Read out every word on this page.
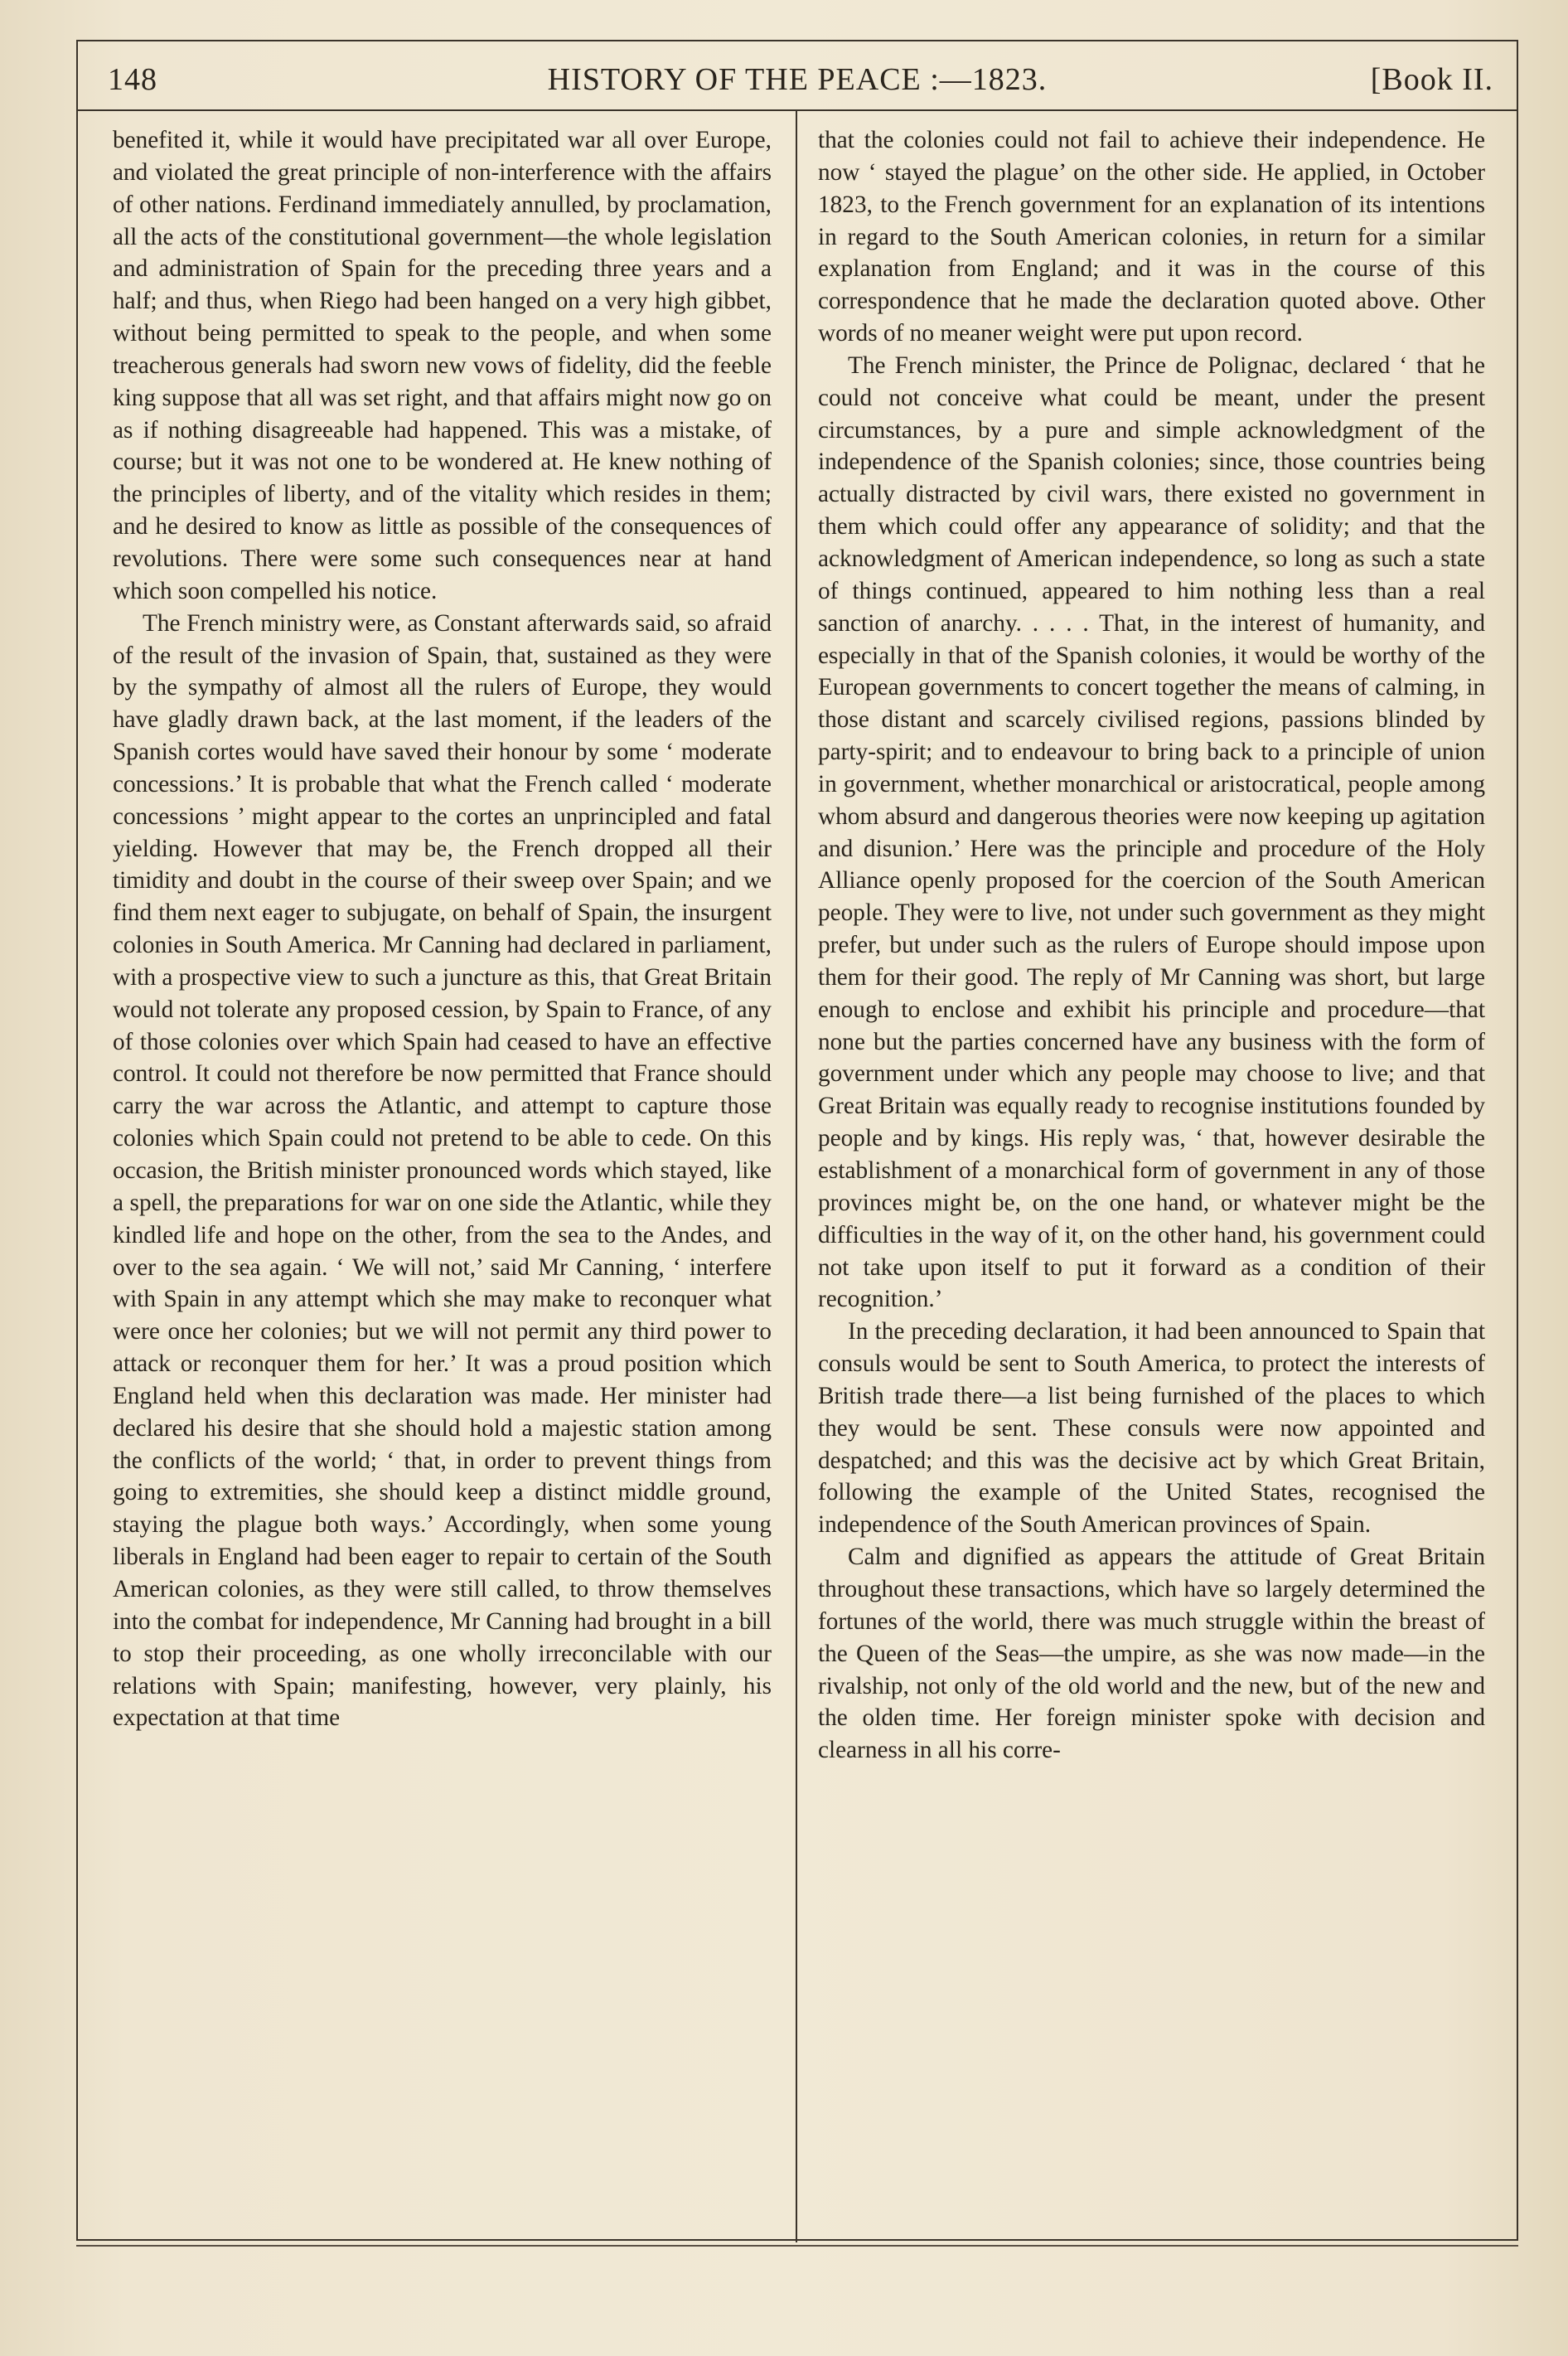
148	HISTORY OF THE PEACE :—1823.	[Book II.

benefited it, while it would have precipitated war all over Europe, and violated the great principle of non-interference with the affairs of other nations. Ferdinand immediately annulled, by proclamation, all the acts of the constitutional government—the whole legislation and administration of Spain for the preceding three years and a half; and thus, when Riego had been hanged on a very high gibbet, without being permitted to speak to the people, and when some treacherous generals had sworn new vows of fidelity, did the feeble king suppose that all was set right, and that affairs might now go on as if nothing disagreeable had happened. This was a mistake, of course; but it was not one to be wondered at. He knew nothing of the principles of liberty, and of the vitality which resides in them; and he desired to know as little as possible of the consequences of revolutions. There were some such consequences near at hand which soon compelled his notice.

The French ministry were, as Constant afterwards said, so afraid of the result of the invasion of Spain, that, sustained as they were by the sympathy of almost all the rulers of Europe, they would have gladly drawn back, at the last moment, if the leaders of the Spanish cortes would have saved their honour by some ‘ moderate concessions.’ It is probable that what the French called ‘ moderate concessions ’ might appear to the cortes an unprincipled and fatal yielding. However that may be, the French dropped all their timidity and doubt in the course of their sweep over Spain; and we find them next eager to subjugate, on behalf of Spain, the insurgent colonies in South America. Mr Canning had declared in parliament, with a prospective view to such a juncture as this, that Great Britain would not tolerate any proposed cession, by Spain to France, of any of those colonies over which Spain had ceased to have an effective control. It could not therefore be now permitted that France should carry the war across the Atlantic, and attempt to capture those colonies which Spain could not pretend to be able to cede. On this occasion, the British minister pronounced words which stayed, like a spell, the preparations for war on one side the Atlantic, while they kindled life and hope on the other, from the sea to the Andes, and over to the sea again. ‘ We will not,’ said Mr Canning, ‘ interfere with Spain in any attempt which she may make to reconquer what were once her colonies; but we will not permit any third power to attack or reconquer them for her.’ It was a proud position which England held when this declaration was made. Her minister had declared his desire that she should hold a majestic station among the conflicts of the world; ‘ that, in order to prevent things from going to extremities, she should keep a distinct middle ground, staying the plague both ways.’ Accordingly, when some young liberals in England had been eager to repair to certain of the South American colonies, as they were still called, to throw themselves into the combat for independence, Mr Canning had brought in a bill to stop their proceeding, as one wholly irreconcilable with our relations with Spain; manifesting, however, very plainly, his expectation at that time

that the colonies could not fail to achieve their independence. He now ‘ stayed the plague’ on the other side. He applied, in October 1823, to the French government for an explanation of its intentions in regard to the South American colonies, in return for a similar explanation from England; and it was in the course of this correspondence that he made the declaration quoted above. Other words of no meaner weight were put upon record.

The French minister, the Prince de Polignac, declared ‘ that he could not conceive what could be meant, under the present circumstances, by a pure and simple acknowledgment of the independence of the Spanish colonies; since, those countries being actually distracted by civil wars, there existed no government in them which could offer any appearance of solidity; and that the acknowledgment of American independence, so long as such a state of things continued, appeared to him nothing less than a real sanction of anarchy. . . . . That, in the interest of humanity, and especially in that of the Spanish colonies, it would be worthy of the European governments to concert together the means of calming, in those distant and scarcely civilised regions, passions blinded by party-spirit; and to endeavour to bring back to a principle of union in government, whether monarchical or aristocratical, people among whom absurd and dangerous theories were now keeping up agitation and disunion.’ Here was the principle and procedure of the Holy Alliance openly proposed for the coercion of the South American people. They were to live, not under such government as they might prefer, but under such as the rulers of Europe should impose upon them for their good. The reply of Mr Canning was short, but large enough to enclose and exhibit his principle and procedure—that none but the parties concerned have any business with the form of government under which any people may choose to live; and that Great Britain was equally ready to recognise institutions founded by people and by kings. His reply was, ‘ that, however desirable the establishment of a monarchical form of government in any of those provinces might be, on the one hand, or whatever might be the difficulties in the way of it, on the other hand, his government could not take upon itself to put it forward as a condition of their recognition.’

In the preceding declaration, it had been announced to Spain that consuls would be sent to South America, to protect the interests of British trade there—a list being furnished of the places to which they would be sent. These consuls were now appointed and despatched; and this was the decisive act by which Great Britain, following the example of the United States, recognised the independence of the South American provinces of Spain.

Calm and dignified as appears the attitude of Great Britain throughout these transactions, which have so largely determined the fortunes of the world, there was much struggle within the breast of the Queen of the Seas—the umpire, as she was now made—in the rivalship, not only of the old world and the new, but of the new and the olden time. Her foreign minister spoke with decision and clearness in all his corre-
